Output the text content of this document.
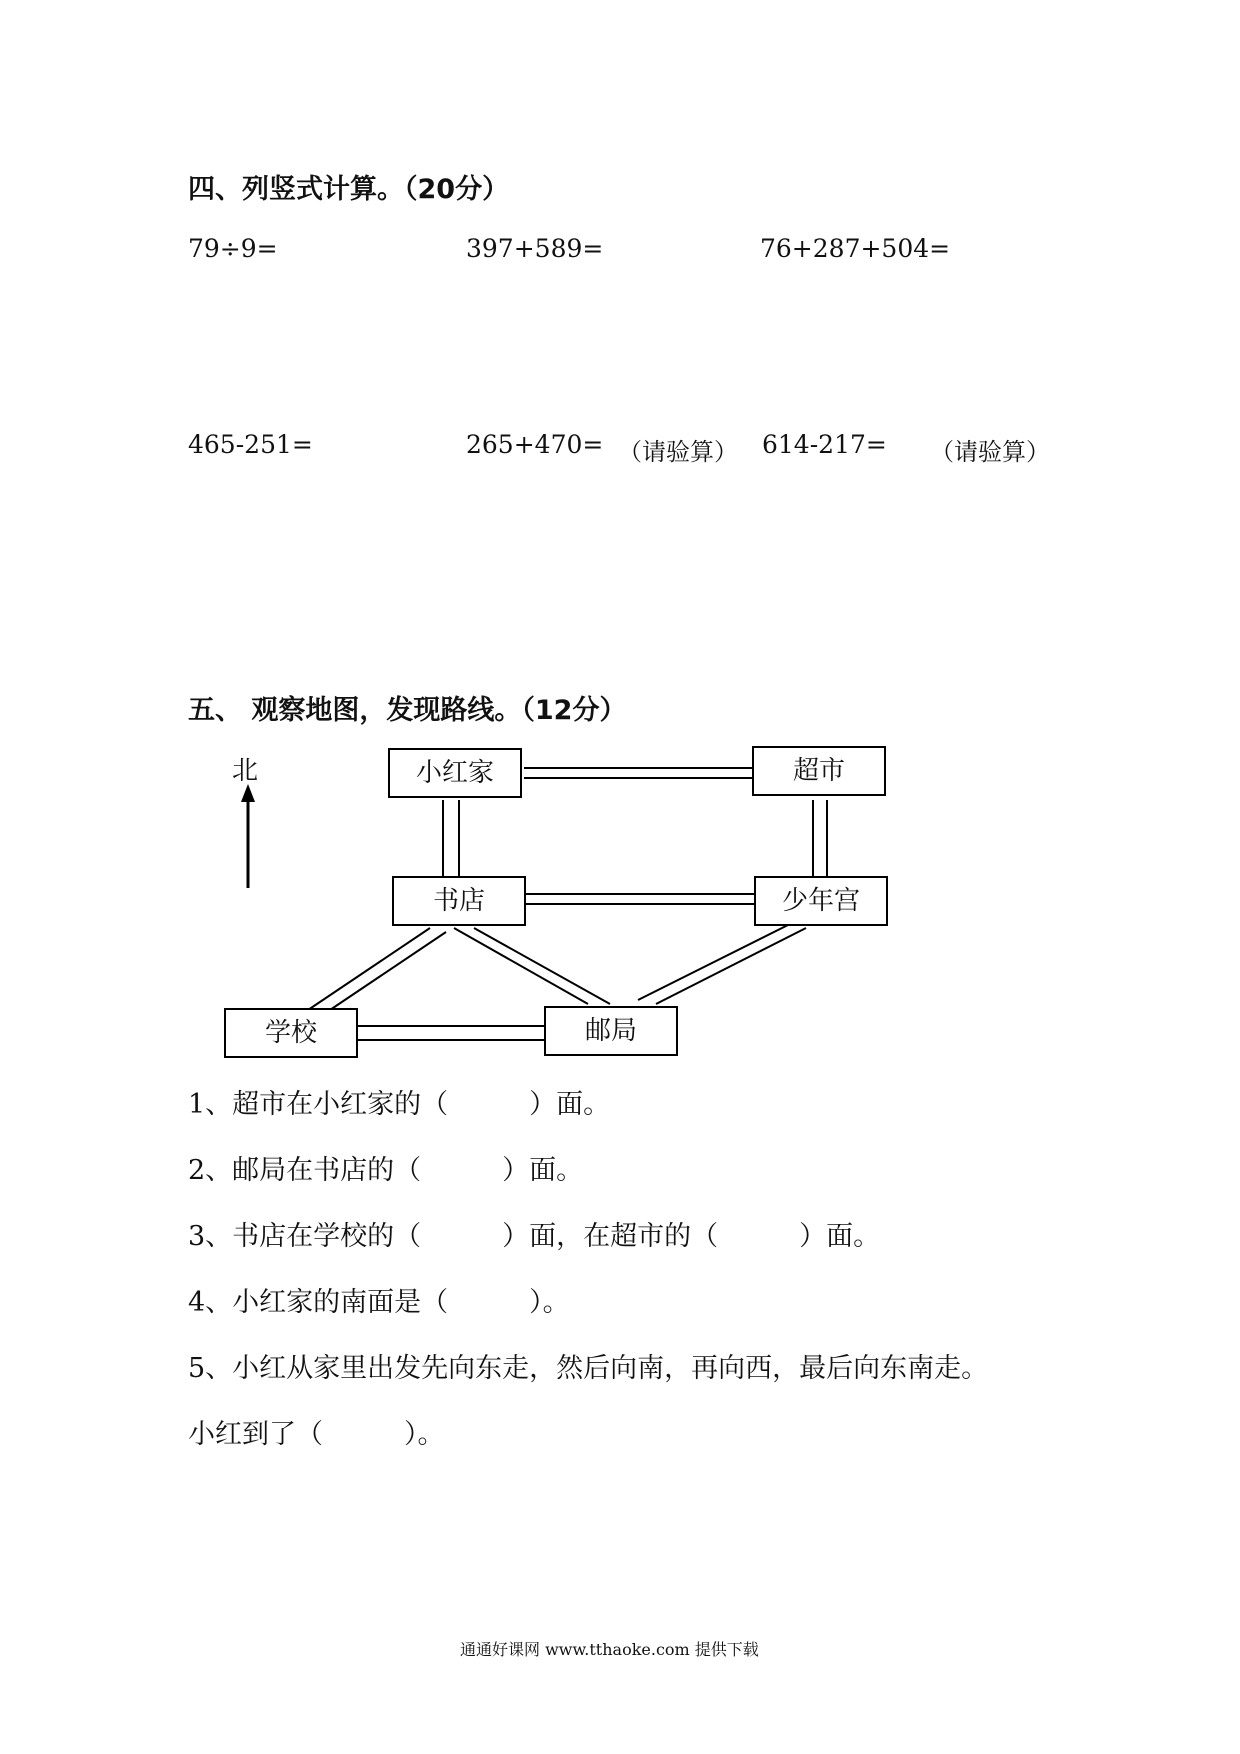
四、列竖式计算。（20分）
79÷9=	397+589=	76+287+504=
465-251=	265+470= （请验算） 614-217= （请验算）
五、 观察地图，发现路线。（12分）
北	小红家	超市
书店	少年宫
学校	邮局
1、超市在小红家的（　　　）面。
2、邮局在书店的（　　　）面。
3、书店在学校的（　　　）面，在超市的（　　　）面。
4、小红家的南面是（　　　）。
5、小红从家里出发先向东走，然后向南，再向西，最后向东南走。
小红到了（　　　）。
通通好课网 www.tthaoke.com 提供下载
